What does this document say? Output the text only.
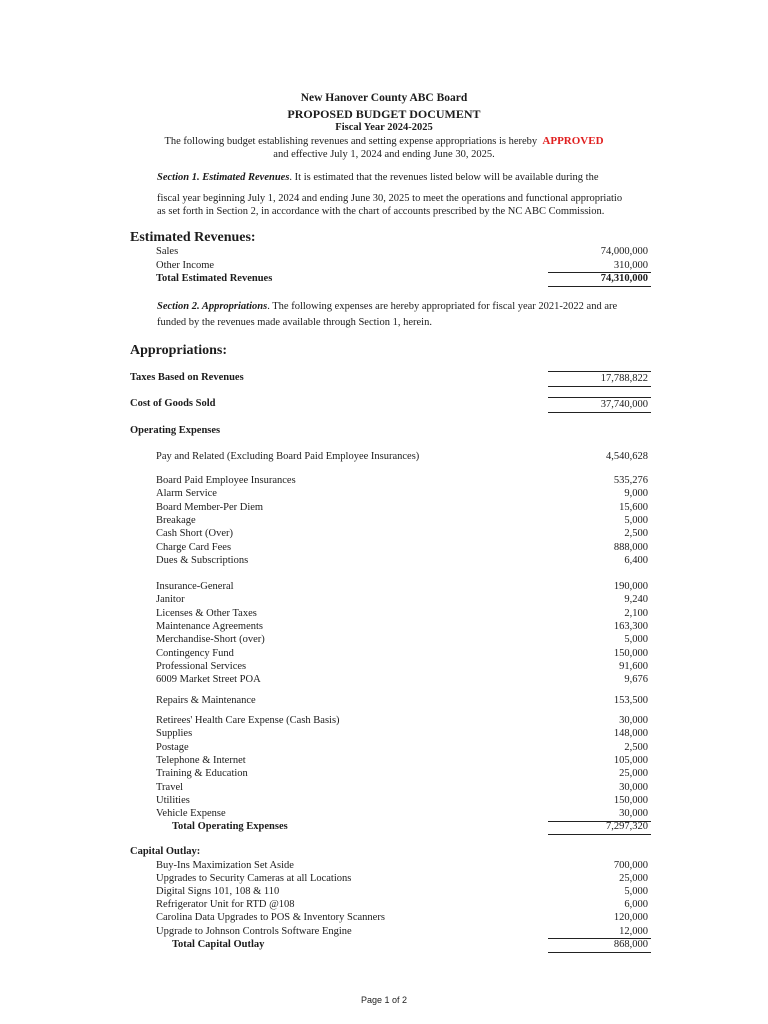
New Hanover County ABC Board
PROPOSED BUDGET DOCUMENT
Fiscal Year 2024-2025
The following budget establishing revenues and setting expense appropriations is hereby APPROVED
and effective July 1, 2024 and ending June 30, 2025.
Section 1. Estimated Revenues. It is estimated that the revenues listed below will be available during the
fiscal year beginning July 1, 2024 and ending June 30, 2025 to meet the operations and functional appropriatio
as set forth in Section 2, in accordance with the chart of accounts prescribed by the NC ABC Commission.
Estimated Revenues:
Sales	74,000,000
Other Income	310,000
Total Estimated Revenues	74,310,000
Section 2. Appropriations. The following expenses are hereby appropriated for fiscal year 2021-2022 and are
funded by the revenues made available through Section 1, herein.
Appropriations:
Taxes Based on Revenues	17,788,822
Cost of Goods Sold	37,740,000
Operating Expenses
Pay and Related (Excluding Board Paid Employee Insurances)	4,540,628
Board Paid Employee Insurances	535,276
Alarm Service	9,000
Board Member-Per Diem	15,600
Breakage	5,000
Cash Short (Over)	2,500
Charge Card Fees	888,000
Dues & Subscriptions	6,400
Insurance-General	190,000
Janitor	9,240
Licenses & Other Taxes	2,100
Maintenance Agreements	163,300
Merchandise-Short (over)	5,000
Contingency Fund	150,000
Professional Services	91,600
6009 Market Street POA	9,676
Repairs & Maintenance	153,500
Retirees' Health Care Expense (Cash Basis)	30,000
Supplies	148,000
Postage	2,500
Telephone & Internet	105,000
Training & Education	25,000
Travel	30,000
Utilities	150,000
Vehicle Expense	30,000
Total Operating Expenses	7,297,320
Capital Outlay:
Buy-Ins Maximization Set Aside	700,000
Upgrades to Security Cameras at all Locations	25,000
Digital Signs 101, 108 & 110	5,000
Refrigerator Unit for RTD @108	6,000
Carolina Data Upgrades to POS & Inventory Scanners	120,000
Upgrade to Johnson Controls Software Engine	12,000
Total Capital Outlay	868,000
Page 1 of 2
